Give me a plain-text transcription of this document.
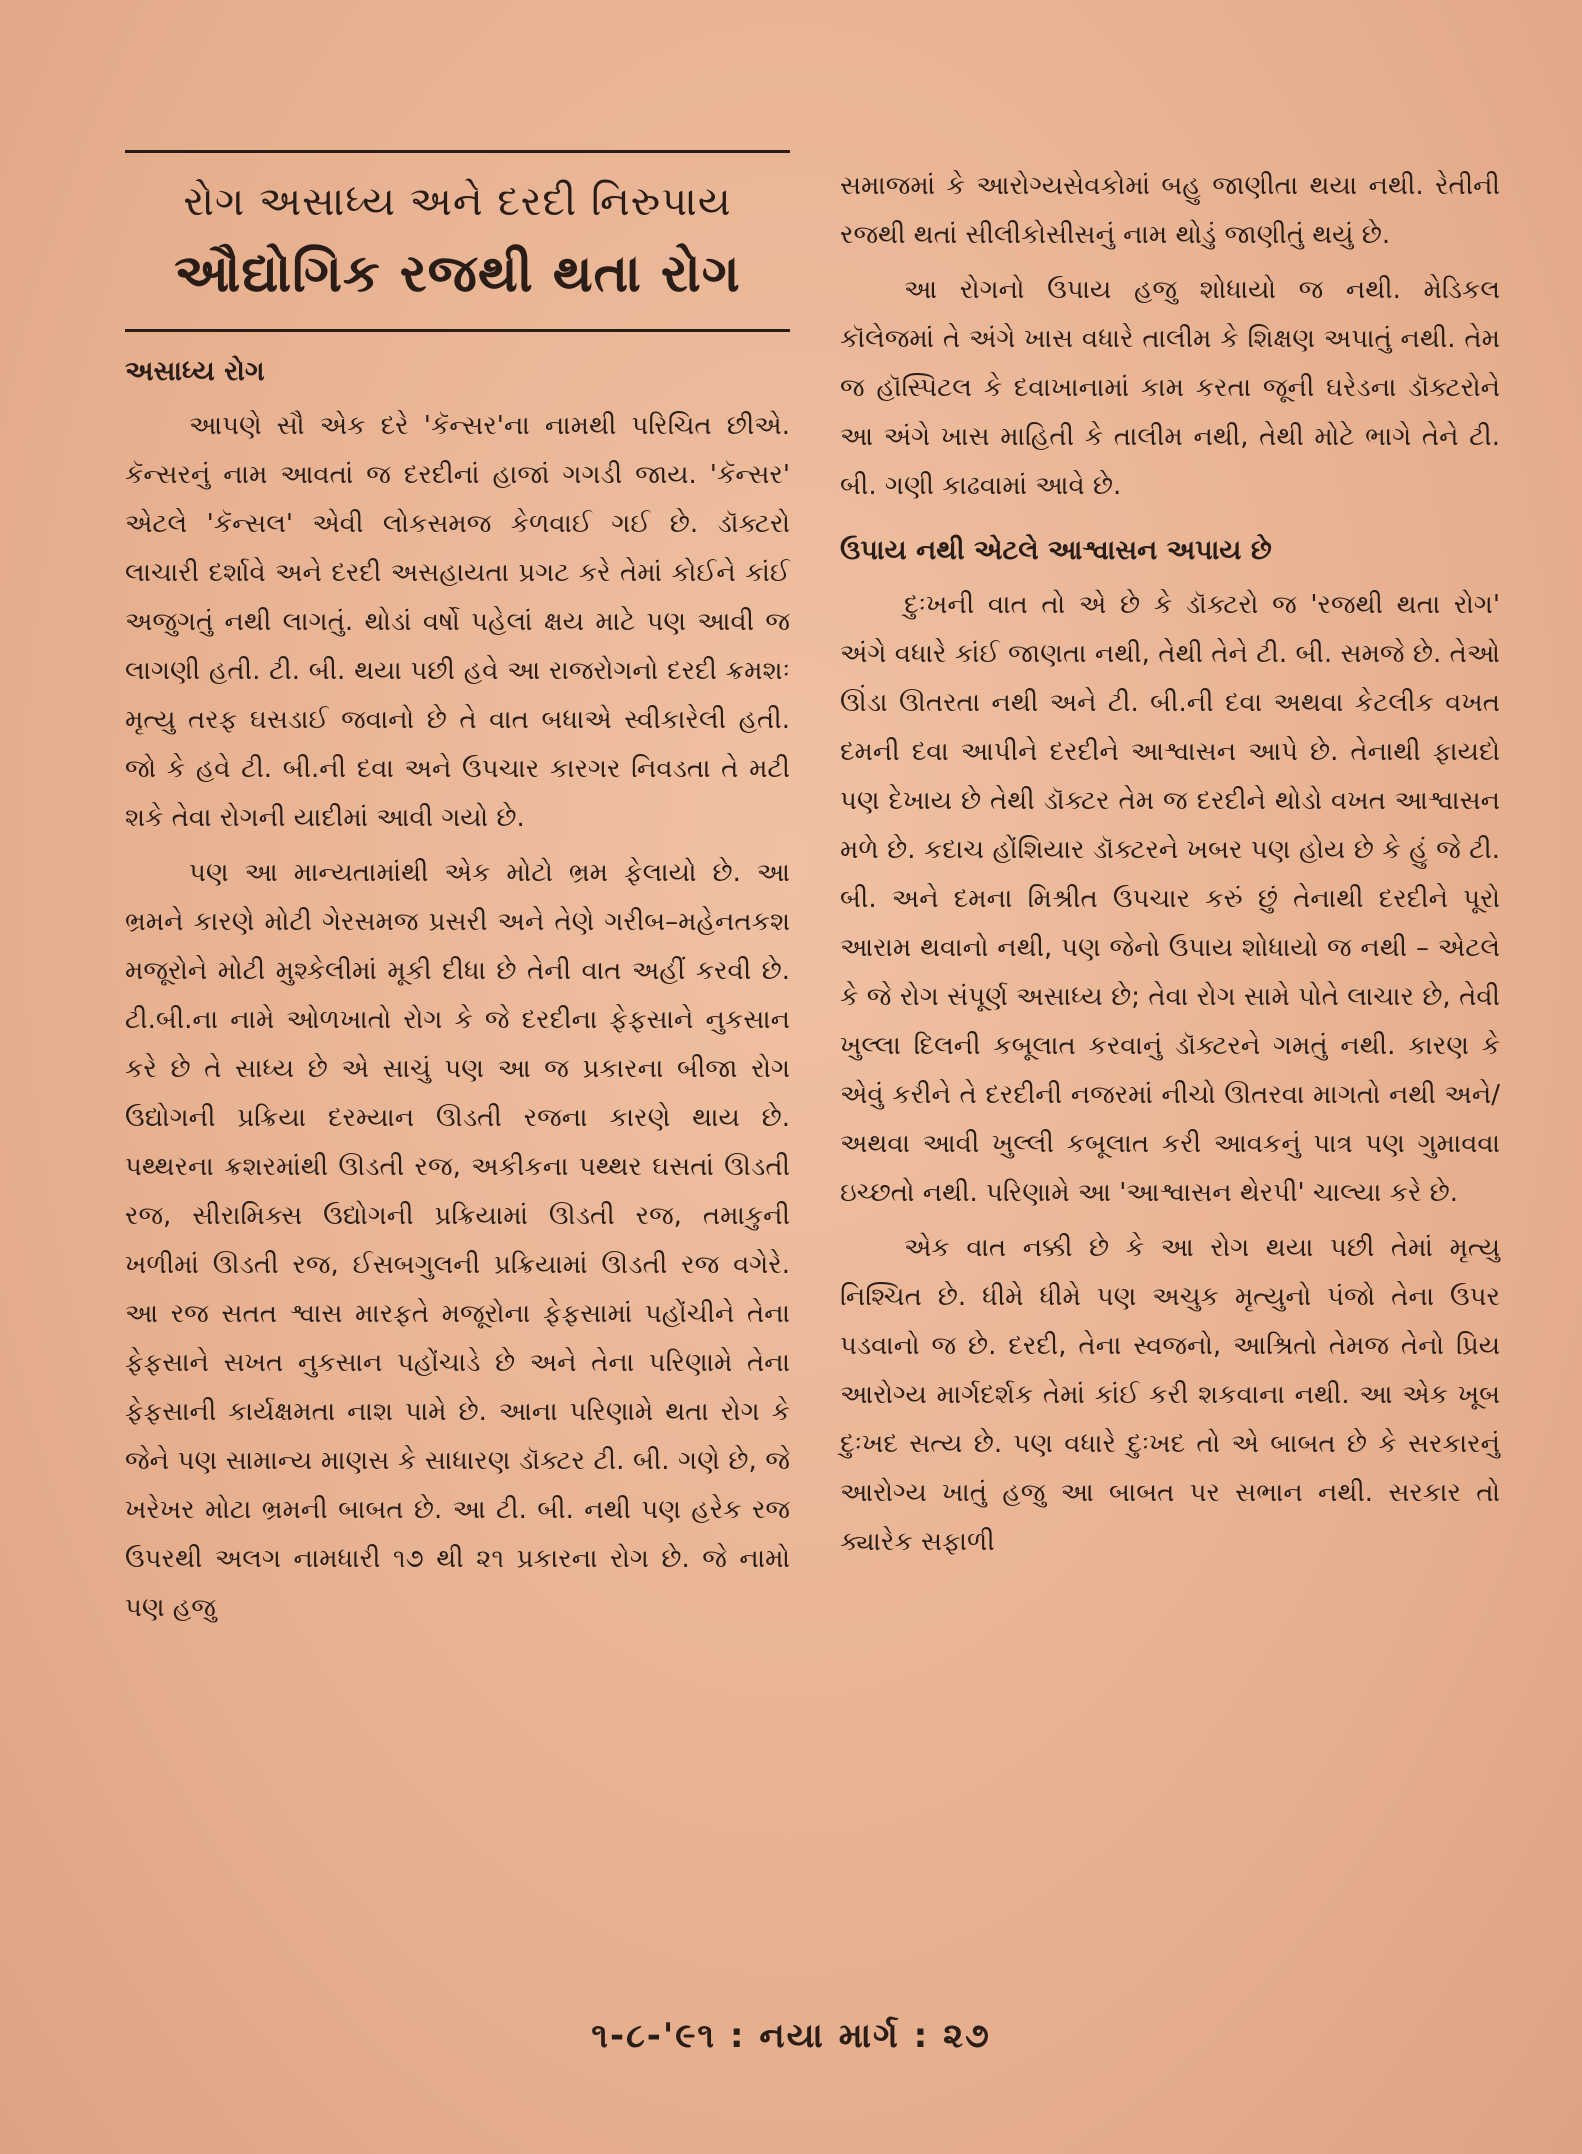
રોગ અસાધ્ય અને દરદી નિરુપાય
ઔદ્યોગિક રજથી થતા રોગ
અસાધ્ય રોગ

આપણે સૌ એક દરે 'કૅન્સર'ના નામથી પરિચિત છીએ. કૅન્સરનું નામ આવતાં જ દરદીનાં હાજાં ગગડી જાય. 'કૅન્સર' એટલે 'કૅન્સલ' એવી લોકસમજ કેળવાઈ ગઈ છે. ડૉક્ટરો લાચારી દર્શાવે અને દરદી અસહાયતા પ્રગટ કરે તેમાં કોઈને કાંઈ અજુગતું નથી લાગતું. થોડાં વર્ષો પહેલાં ક્ષય માટે પણ આવી જ લાગણી હતી. ટી. બી. થયા પછી હવે આ રાજરોગનો દરદી ક્રમશઃ મૃત્યુ તરફ ઘસડાઈ જવાનો છે તે વાત બધાએ સ્વીકારેલી હતી. જો કે હવે ટી. બી.ની દવા અને ઉપચાર કારગર નિવડતા તે મટી શકે તેવા રોગની યાદીમાં આવી ગયો છે.

પણ આ માન્યતામાંથી એક મોટો ભ્રમ ફેલાયો છે. આ ભ્રમને કારણે મોટી ગેરસમજ પ્રસરી અને તેણે ગરીબ–મહેનતકશ મજૂરોને મોટી મુશ્કેલીમાં મૂકી દીધા છે તેની વાત અહીં કરવી છે. ટી.બી.ના નામે ઓળખાતો રોગ કે જે દરદીના ફેફસાને નુકસાન કરે છે તે સાધ્ય છે એ સાચું પણ આ જ પ્રકારના બીજા રોગ ઉદ્યોગની પ્રક્રિયા દરમ્યાન ઊડતી રજના કારણે થાય છે. પથ્થરના ક્રશરમાંથી ઊડતી રજ, અકીકના પથ્થર ઘસતાં ઊડતી રજ, સીરામિક્સ ઉદ્યોગની પ્રક્રિયામાં ઊડતી રજ, તમાકુની ખળીમાં ઊડતી રજ, ઈસબગુલની પ્રક્રિયામાં ઊડતી રજ વગેરે. આ રજ સતત શ્વાસ મારફતે મજૂરોના ફેફસામાં પહોંચીને તેના ફેફસાને સખત નુકસાન પહોંચાડે છે અને તેના પરિણામે તેના ફેફસાની કાર્યક્ષમતા નાશ પામે છે. આના પરિણામે થતા રોગ કે જેને પણ સામાન્ય માણસ કે સાધારણ ડૉક્ટર ટી. બી. ગણે છે, જે ખરેખર મોટા ભ્રમની બાબત છે. આ ટી. બી. નથી પણ હરેક રજ ઉપરથી અલગ નામધારી ૧૭ થી ૨૧ પ્રકારના રોગ છે. જે નામો પણ હજુ

સમાજમાં કે આરોગ્યસેવકોમાં બહુ જાણીતા થયા નથી. રેતીની રજથી થતાં સીલીકોસીસનું નામ થોડું જાણીતું થયું છે.

આ રોગનો ઉપાય હજુ શોધાયો જ નથી. મેડિકલ કૉલેજમાં તે અંગે ખાસ વધારે તાલીમ કે શિક્ષણ અપાતું નથી. તેમ જ હૉસ્પિટલ કે દવાખાનામાં કામ કરતા જૂની ઘરેડના ડૉક્ટરોને આ અંગે ખાસ માહિતી કે તાલીમ નથી, તેથી મોટે ભાગે તેને ટી. બી. ગણી કાઢવામાં આવે છે.

ઉપાય નથી એટલે આશ્વાસન અપાય છે

દુઃખની વાત તો એ છે કે ડૉક્ટરો જ 'રજથી થતા રોગ' અંગે વધારે કાંઈ જાણતા નથી, તેથી તેને ટી. બી. સમજે છે. તેઓ ઊંડા ઊતરતા નથી અને ટી. બી.ની દવા અથવા કેટલીક વખત દમની દવા આપીને દરદીને આશ્વાસન આપે છે. તેનાથી ફાયદો પણ દેખાય છે તેથી ડૉક્ટર તેમ જ દરદીને થોડો વખત આશ્વાસન મળે છે. કદાચ હોંશિયાર ડૉક્ટરને ખબર પણ હોય છે કે હું જે ટી. બી. અને દમના મિશ્રીત ઉપચાર કરું છું તેનાથી દરદીને પૂરો આરામ થવાનો નથી, પણ જેનો ઉપાય શોધાયો જ નથી – એટલે કે જે રોગ સંપૂર્ણ અસાધ્ય છે; તેવા રોગ સામે પોતે લાચાર છે, તેવી ખુલ્લા દિલની કબૂલાત કરવાનું ડૉક્ટરને ગમતું નથી. કારણ કે એવું કરીને તે દરદીની નજરમાં નીચો ઊતરવા માગતો નથી અને/અથવા આવી ખુલ્લી કબૂલાત કરી આવકનું પાત્ર પણ ગુમાવવા ઇચ્છતો નથી. પરિણામે આ 'આશ્વાસન થેરપી' ચાલ્યા કરે છે.

એક વાત નક્કી છે કે આ રોગ થયા પછી તેમાં મૃત્યુ નિશ્ચિત છે. ધીમે ધીમે પણ અચુક મૃત્યુનો પંજો તેના ઉપર પડવાનો જ છે. દરદી, તેના સ્વજનો, આશ્રિતો તેમજ તેનો પ્રિય આરોગ્ય માર્ગદર્શક તેમાં કાંઈ કરી શકવાના નથી. આ એક ખૂબ દુઃખદ સત્ય છે. પણ વધારે દુઃખદ તો એ બાબત છે કે સરકારનું આરોગ્ય ખાતું હજુ આ બાબત પર સભાન નથી. સરકાર તો ક્યારેક સફાળી

૧-૮-'૯૧ : નયા માર્ગ : ૨૭
